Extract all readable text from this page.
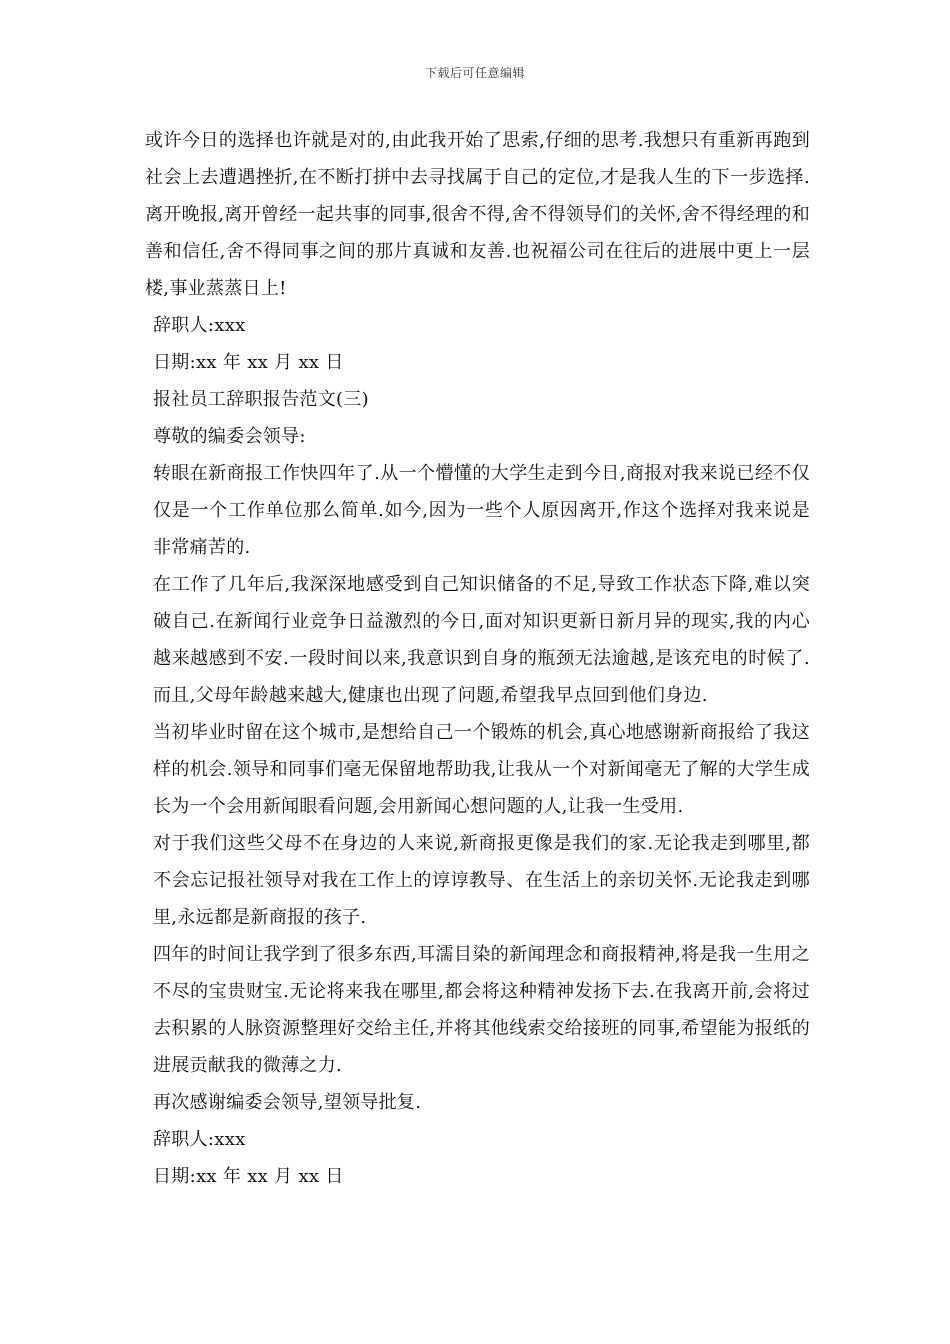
下载后可任意编辑

或许今日的选择也许就是对的,由此我开始了思索,仔细的思考.我想只有重新再跑到社会上去遭遇挫折,在不断打拼中去寻找属于自己的定位,才是我人生的下一步选择.离开晚报,离开曾经一起共事的同事,很舍不得,舍不得领导们的关怀,舍不得经理的和善和信任,舍不得同事之间的那片真诚和友善.也祝福公司在往后的进展中更上一层楼,事业蒸蒸日上!

辞职人:xxx

日期:xx 年 xx 月 xx 日

报社员工辞职报告范文(三)

尊敬的编委会领导:

转眼在新商报工作快四年了.从一个懵懂的大学生走到今日,商报对我来说已经不仅仅是一个工作单位那么简单.如今,因为一些个人原因离开,作这个选择对我来说是非常痛苦的.

在工作了几年后,我深深地感受到自己知识储备的不足,导致工作状态下降,难以突破自己.在新闻行业竞争日益激烈的今日,面对知识更新日新月异的现实,我的内心越来越感到不安.一段时间以来,我意识到自身的瓶颈无法逾越,是该充电的时候了.而且,父母年龄越来越大,健康也出现了问题,希望我早点回到他们身边.

当初毕业时留在这个城市,是想给自己一个锻炼的机会,真心地感谢新商报给了我这样的机会.领导和同事们毫无保留地帮助我,让我从一个对新闻毫无了解的大学生成长为一个会用新闻眼看问题,会用新闻心想问题的人,让我一生受用.

对于我们这些父母不在身边的人来说,新商报更像是我们的家.无论我走到哪里,都不会忘记报社领导对我在工作上的谆谆教导、在生活上的亲切关怀.无论我走到哪里,永远都是新商报的孩子.

四年的时间让我学到了很多东西,耳濡目染的新闻理念和商报精神,将是我一生用之不尽的宝贵财宝.无论将来我在哪里,都会将这种精神发扬下去.在我离开前,会将过去积累的人脉资源整理好交给主任,并将其他线索交给接班的同事,希望能为报纸的进展贡献我的微薄之力.

再次感谢编委会领导,望领导批复.

辞职人:xxx

日期:xx 年 xx 月 xx 日
